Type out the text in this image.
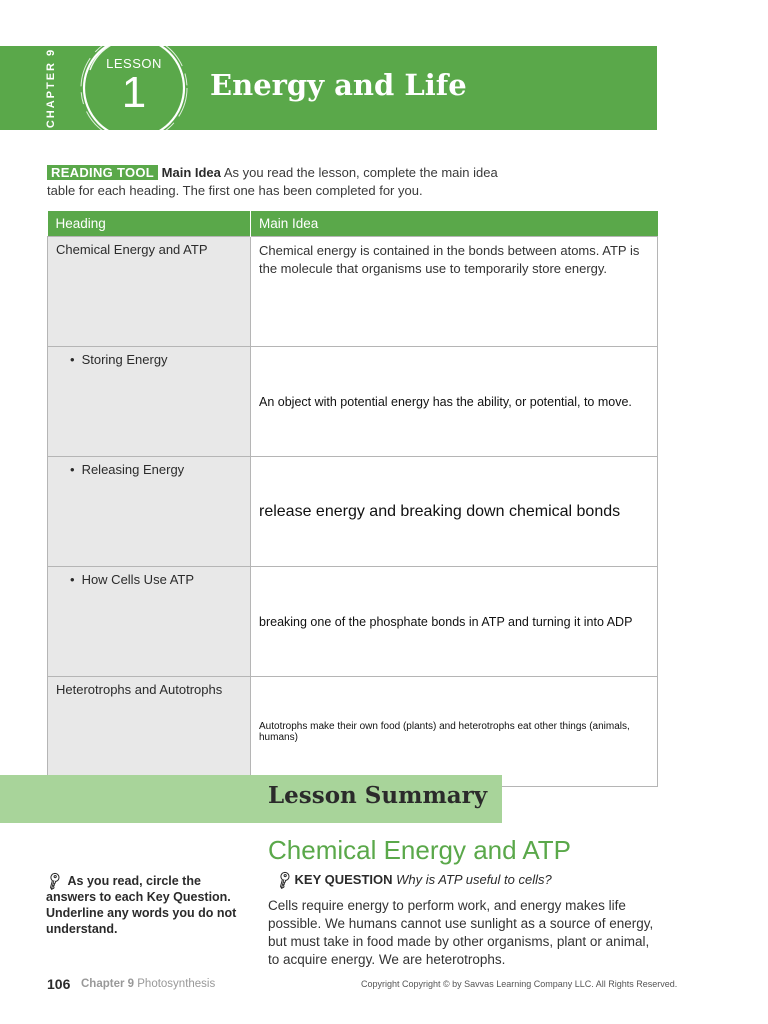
CHAPTER 9	LESSON
1	Energy and Life
READING TOOL Main Idea As you read the lesson, complete the main idea
table for each heading. The first one has been completed for you.
Heading	Main Idea
Chemical Energy and ATP	Chemical energy is contained in the bonds between atoms. ATP is the molecule that organisms use to temporarily store energy.

• Storing Energy	An object with potential energy has the ability, or potential, to move.

• Releasing Energy	release energy and breaking down chemical bonds

• How Cells Use ATP	breaking one of the phosphate bonds in ATP and turning it into ADP

Heterotrophs and Autotrophs	Autotrophs make their own food (plants) and heterotrophs eat other things (animals, humans)
Lesson Summary
Chemical Energy and ATP
🔑︎KEY QUESTION Why is ATP useful to cells?
Cells require energy to perform work, and energy makes life possible. We humans cannot use sunlight as a source of energy, but must take in food made by other organisms, plant or animal, to acquire energy. We are heterotrophs.
🔑︎ As you read, circle the answers to each Key Question. Underline any words you do not understand.
106 Chapter 9 Photosynthesis	Copyright Copyright © by Savvas Learning Company LLC. All Rights Reserved.
